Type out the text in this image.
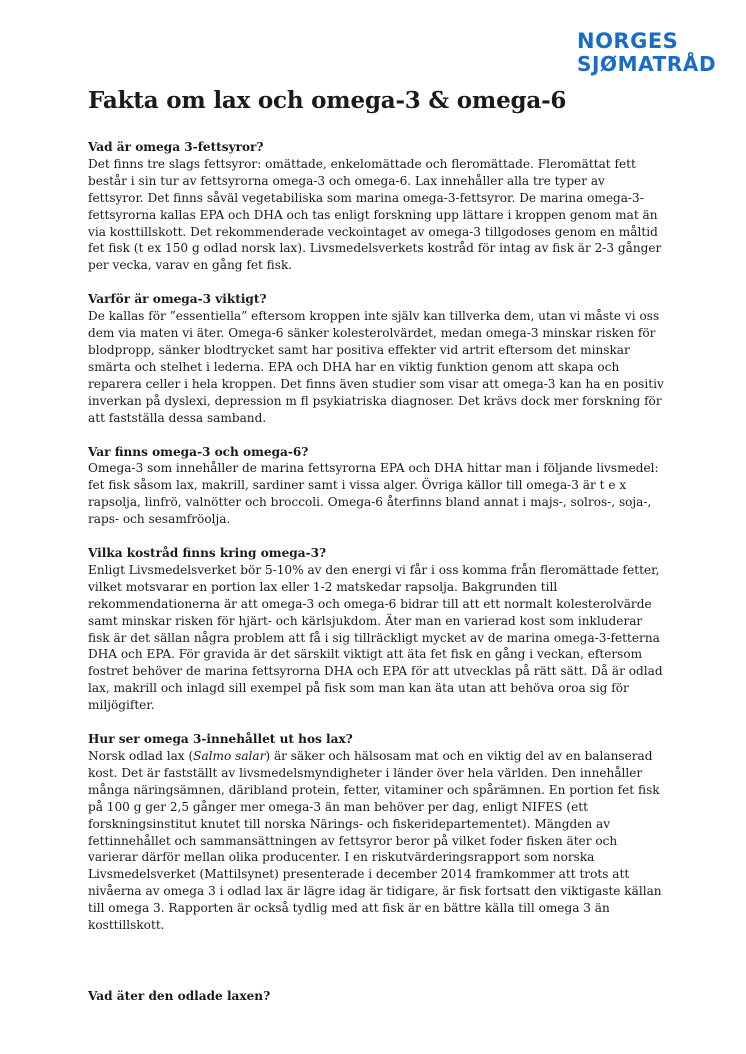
NORGES
SJØMATRÅD
Fakta om lax och omega-3 & omega-6

Vad är omega 3-fettsyror?

Det finns tre slags fettsyror: omättade, enkelomättade och fleromättade. Fleromättat fett består i sin tur av fettsyrorna omega-3 och omega-6. Lax innehåller alla tre typer av fettsyror. Det finns såväl vegetabiliska som marina omega-3-fettsyror. De marina omega-3-fettsyrorna kallas EPA och DHA och tas enligt forskning upp lättare i kroppen genom mat än via kosttillskott. Det rekommenderade veckointaget av omega-3 tillgodoses genom en måltid fet fisk (t ex 150 g odlad norsk lax). Livsmedelsverkets kostråd för intag av fisk är 2-3 gånger per vecka, varav en gång fet fisk.

Varför är omega-3 viktigt?

De kallas för ”essentiella” eftersom kroppen inte själv kan tillverka dem, utan vi måste vi oss dem via maten vi äter. Omega-6 sänker kolesterolvärdet, medan omega-3 minskar risken för blodpropp, sänker blodtrycket samt har positiva effekter vid artrit eftersom det minskar smärta och stelhet i lederna. EPA och DHA har en viktig funktion genom att skapa och reparera celler i hela kroppen. Det finns även studier som visar att omega-3 kan ha en positiv inverkan på dyslexi, depression m fl psykiatriska diagnoser. Det krävs dock mer forskning för att fastställa dessa samband.

Var finns omega-3 och omega-6?

Omega-3 som innehåller de marina fettsyrorna EPA och DHA hittar man i följande livsmedel: fet fisk såsom lax, makrill, sardiner samt i vissa alger. Övriga källor till omega-3 är t e x rapsolja, linfrö, valnötter och broccoli. Omega-6 återfinns bland annat i majs-, solros-, soja-, raps- och sesamfröolja.

Vilka kostråd finns kring omega-3?

Enligt Livsmedelsverket bör 5-10% av den energi vi får i oss komma från fleromättade fetter, vilket motsvarar en portion lax eller 1-2 matskedar rapsolja. Bakgrunden till rekommendationerna är att omega-3 och omega-6 bidrar till att ett normalt kolesterolvärde samt minskar risken för hjärt- och kärlsjukdom. Äter man en varierad kost som inkluderar fisk är det sällan några problem att få i sig tillräckligt mycket av de marina omega-3-fetterna DHA och EPA. För gravida är det särskilt viktigt att äta fet fisk en gång i veckan, eftersom fostret behöver de marina fettsyrorna DHA och EPA för att utvecklas på rätt sätt. Då är odlad lax, makrill och inlagd sill exempel på fisk som man kan äta utan att behöva oroa sig för miljögifter.

Hur ser omega 3-innehållet ut hos lax?

Norsk odlad lax (Salmo salar) är säker och hälsosam mat och en viktig del av en balanserad kost. Det är fastställt av livsmedelsmyndigheter i länder över hela världen. Den innehåller många näringsämnen, däribland protein, fetter, vitaminer och spårämnen. En portion fet fisk på 100 g ger 2,5 gånger mer omega-3 än man behöver per dag, enligt NIFES (ett forskningsinstitut knutet till norska Närings- och fiskeridepartementet). Mängden av fettinnehållet och sammansättningen av fettsyror beror på vilket foder fisken äter och varierar därför mellan olika producenter. I en riskutvärderingsrapport som norska Livsmedelsverket (Mattilsynet) presenterade i december 2014 framkommer att trots att nivåerna av omega 3 i odlad lax är lägre idag är tidigare, är fisk fortsatt den viktigaste källan till omega 3. Rapporten är också tydlig med att fisk är en bättre källa till omega 3 än kosttillskott.

Vad äter den odlade laxen?
